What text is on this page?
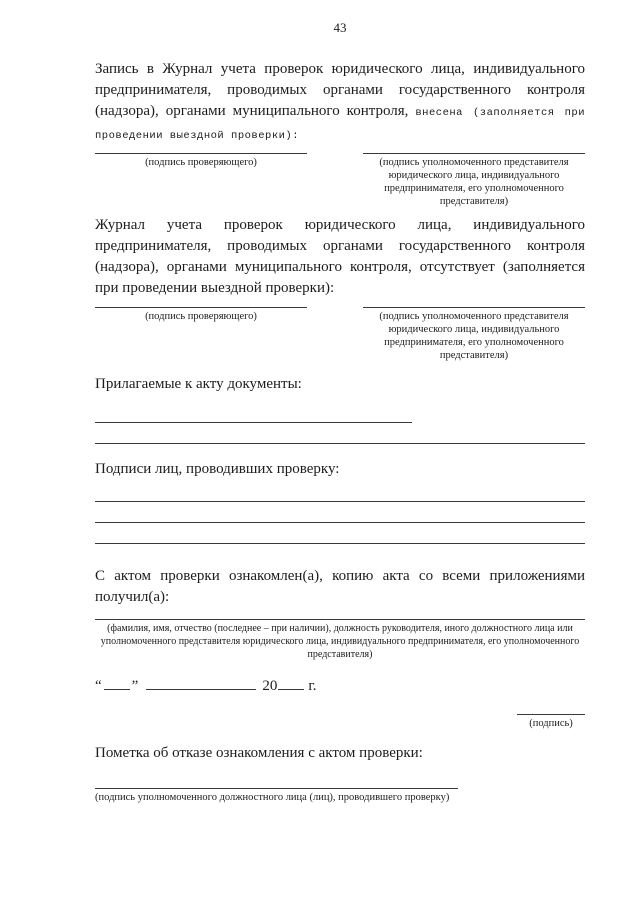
43
Запись в Журнал учета проверок юридического лица, индивидуального предпринимателя, проводимых органами государственного контроля (надзора), органами муниципального контроля, внесена (заполняется при проведении выездной проверки):
(подпись проверяющего)	(подпись уполномоченного представителя юридического лица, индивидуального предпринимателя, его уполномоченного представителя)
Журнал учета проверок юридического лица, индивидуального предпринимателя, проводимых органами государственного контроля (надзора), органами муниципального контроля, отсутствует (заполняется при проведении выездной проверки):
(подпись проверяющего)	(подпись уполномоченного представителя юридического лица, индивидуального предпринимателя, его уполномоченного представителя)
Прилагаемые к акту документы:
Подписи лиц, проводивших проверку:
С актом проверки ознакомлен(а), копию акта со всеми приложениями получил(а):
(фамилия, имя, отчество (последнее – при наличии), должность руководителя, иного должностного лица или уполномоченного представителя юридического лица, индивидуального предпринимателя, его уполномоченного представителя)
“ ”	20 г.
(подпись)
Пометка об отказе ознакомления с актом проверки:
(подпись уполномоченного должностного лица (лиц), проводившего проверку)
